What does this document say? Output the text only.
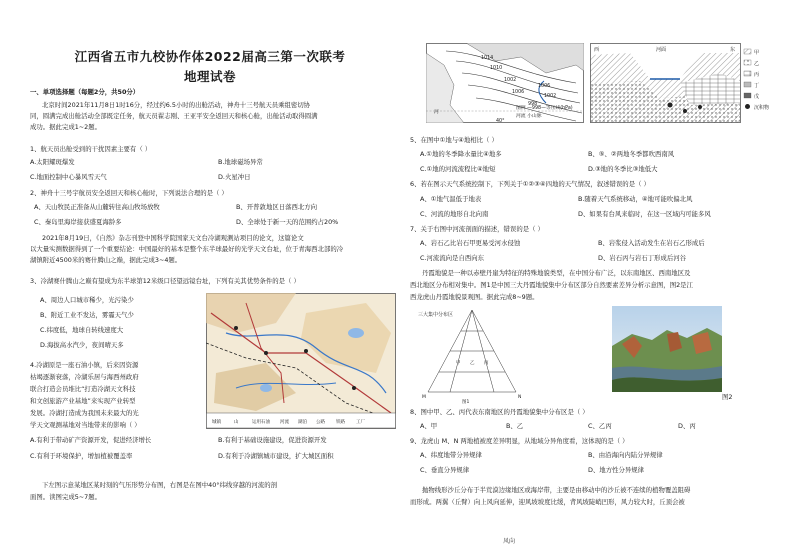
江西省五市九校协作体2022届高三第一次联考
地理试卷
一、单项选择题（每题2分，共50分）
北京时间2021年11月8日1时16分，经过约6.5小时的出舱活动，神舟十三号航天员乘组密切协
同，圆满完成出舱活动全部既定任务，航天员翟志刚、王亚平安全返回天和核心舱，出舱活动取得圆满
成功。据此完成1~2题。
1、航天员出舱受到的干扰因素主要有（ ）
A.太阳耀斑爆发	B.地球磁场异常
C.地面控制中心暴风雪天气	D.火星冲日
2、神舟十三号宇航员安全返回天和核心舱时，下列说法合理的是（ ）
A、天山牧民正准备从山麓转往高山牧场放牧	B、开普敦地区日落西北方向
C、秦岛里海岸接获盛夏海龄多	D、全球处于新一天的范围约占20%
2021年8月19日，《自然》杂志刊登中国科学院国家天文台冷湖观测站项目的论文，这篇论文
以大量实测数据得到了一个重要结论：中国最好的基本是整个东半球最好的光学天文台址，位于青海西北部的冷
湖镇附近4500米的赛什腾山之巅，据此完成3~4题。
3、冷湖赛什腾山之巅有望成为东半球第12米级口径望远镜台址，下列有关其优势条件的是（ ）
A、周边人口城市稀少，光污染少
B、附近工业不发达，雾霾天气少
C.纬度低，地球自转线速度大
D.海拔高水汽少，夜间晴天多
4.冷湖原是一座石油小镇，后来因资源
枯竭逐渐衰落，冷湖乐居与海西州政府
联合打造会员堆比“打造冷湖天文科技
和文创旅游产业基地”来实现产业转型
发展。冷湖打造成为我国未来最大的光
学天文观测基地对当地带来的影响（ ）
A.有利于带动矿产资源开发，促进经济增长	B.有利于基础设施建设，促进资源开发
C.有利于环境保护，增加植被覆盖率	D.有利于冷湖镇城市建设，扩大城区面积
下左图示意某地区某时刻的气压形势分布图，右图是在图中40°纬线穿越的河流的剖
面图。读图完成5~7题。
城镇	山	运用石油 河流 湖泊 公路 铁路 工厂
1014
1010
1006
1002
998
1002
1006
河
图例 —998—等压线(hPa)
河流 小山脉
40°
西	河面	东	甲
乙
丙
丁
戊
沉积物
5、在图中①地与④地相比（ ）
A.①地的冬季降水量比④地多	B、⑤、②两地冬季都吹西南风
C.①地的河流流程比④地短	D.③地的冬季比③地低大
6、若在图示天气系统控制下，下列关于①②③④四地的天气情况，叙述错误的是（ ）
A、①地气温低于地表	B.随着天气系统移动，④地可能吹偏北风
C、河流的地形自北向南	D、如果有台风来临时，在这一区域内可能多风
7、关于右图中河流剖面的描述，错误的是（ ）
A、岩石乙比岩石甲更易受河水侵蚀	B、岩浆侵入活动发生在岩石乙形成后
C.河流流向是自西向东	D、岩石丙与岩石丁形成后河谷
丹霞地貌是一种以赤壁丹崖为特征的特殊地貌类型，在中国分布广泛，以东南地区、西南地区及
西北地区分布相对集中。图1是中国三大丹霞地貌集中分布区部分自然要素差异分析示意图，图2是江
西龙虎山丹霞地貌景观图。据此完成8~9题。
三大集中分布区
M	N
甲 乙 丙
图1
图2
8、图中甲、乙、丙代表东南地区的丹霞地貌集中分布区是（ ）
A、甲	B、乙	C、乙丙	D、丙
9、龙虎山 M、N 两地植被度差异明显，从地域分异角度看，这体现的是（ ）
A、纬度地带分异规律	B、由沿海向内陆分异规律
C、垂直分异规律	D、地方性分异规律
抛物线形沙丘分布于半荒漠边缘地区或海岸带，主要是由移动中的沙丘被不连续的植物覆盖阻碍
而形成。两翼（丘臂）向上风向延伸，迎风坡坡度比缓，背风坡陡峭凹形，风力较大时，丘顶会被
风向
